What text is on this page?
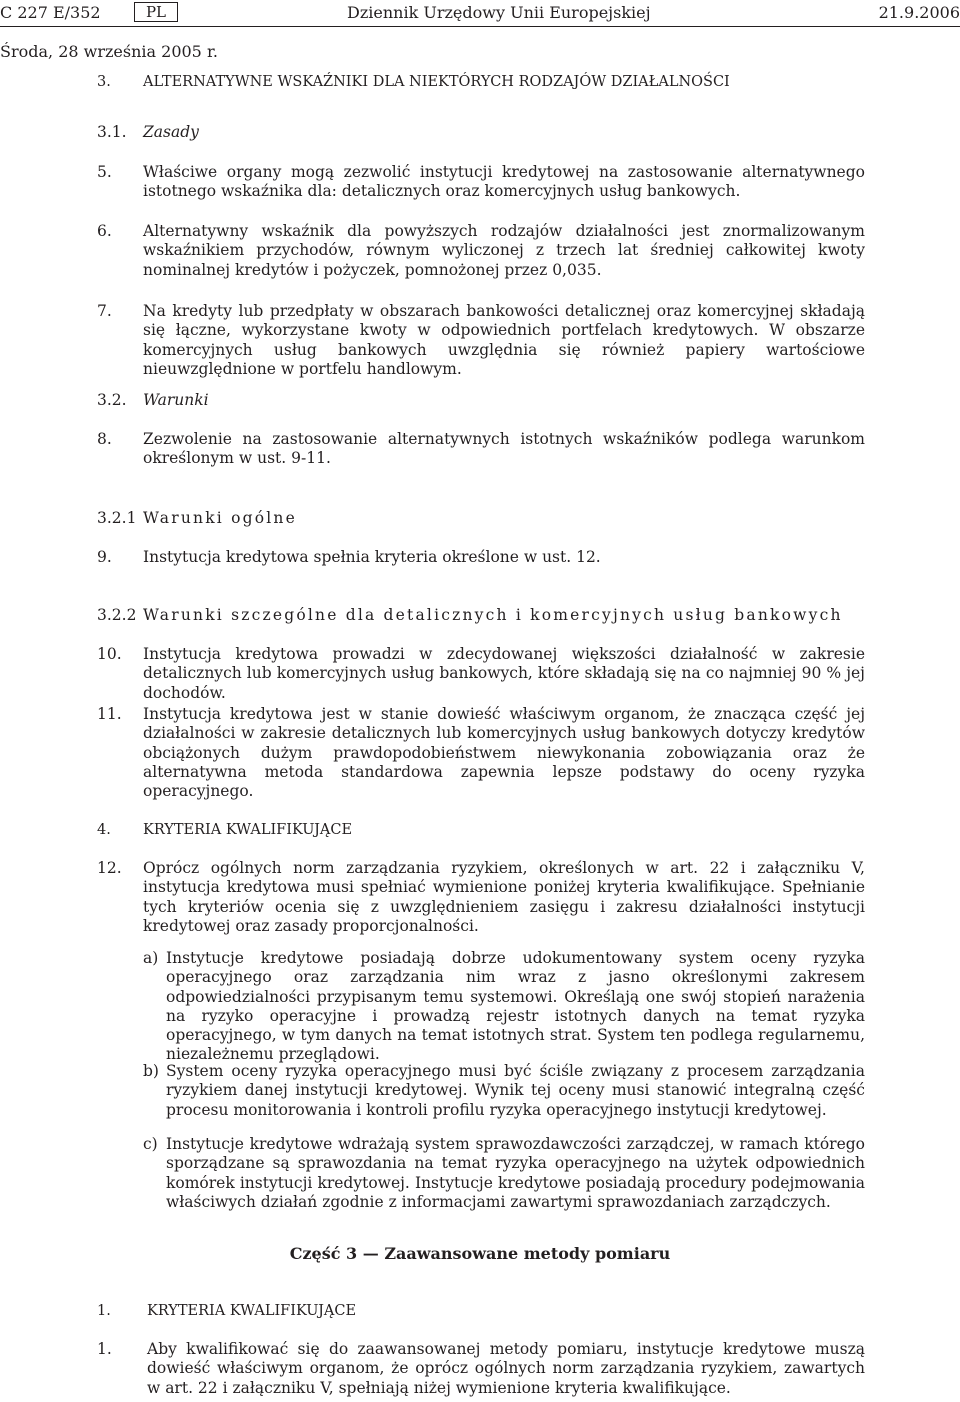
C 227 E/352	PL	Dziennik Urzędowy Unii Europejskiej	21.9.2006
Środa, 28 września 2005 r.
3. ALTERNATYWNE WSKAŹNIKI DLA NIEKTÓRYCH RODZAJÓW DZIAŁALNOŚCI
3.1. Zasady
5. Właściwe organy mogą zezwolić instytucji kredytowej na zastosowanie alternatywnego istotnego wskaźnika dla: detalicznych oraz komercyjnych usług bankowych.
6. Alternatywny wskaźnik dla powyższych rodzajów działalności jest znormalizowanym wskaźnikiem przychodów, równym wyliczonej z trzech lat średniej całkowitej kwoty nominalnej kredytów i pożyczek, pomnożonej przez 0,035.
7. Na kredyty lub przedpłaty w obszarach bankowości detalicznej oraz komercyjnej składają się łączne, wykorzystane kwoty w odpowiednich portfelach kredytowych. W obszarze komercyjnych usług bankowych uwzględnia się również papiery wartościowe nieuwzględnione w portfelu handlowym.
3.2. Warunki
8. Zezwolenie na zastosowanie alternatywnych istotnych wskaźników podlega warunkom określonym w ust. 9-11.
3.2.1 Warunki ogólne
9. Instytucja kredytowa spełnia kryteria określone w ust. 12.
3.2.2 Warunki szczególne dla detalicznych i komercyjnych usług bankowych
10. Instytucja kredytowa prowadzi w zdecydowanej większości działalność w zakresie detalicznych lub komercyjnych usług bankowych, które składają się na co najmniej 90 % jej dochodów.
11. Instytucja kredytowa jest w stanie dowieść właściwym organom, że znacząca część jej działalności w zakresie detalicznych lub komercyjnych usług bankowych dotyczy kredytów obciążonych dużym prawdopodobieństwem niewykonania zobowiązania oraz że alternatywna metoda standardowa zapewnia lepsze podstawy do oceny ryzyka operacyjnego.
4. KRYTERIA KWALIFIKUJĄCE
12. Oprócz ogólnych norm zarządzania ryzykiem, określonych w art. 22 i załączniku V, instytucja kredytowa musi spełniać wymienione poniżej kryteria kwalifikujące. Spełnianie tych kryteriów ocenia się z uwzględnieniem zasięgu i zakresu działalności instytucji kredytowej oraz zasady proporcjonalności.
a) Instytucje kredytowe posiadają dobrze udokumentowany system oceny ryzyka operacyjnego oraz zarządzania nim wraz z jasno określonymi zakresem odpowiedzialności przypisanym temu systemowi. Określają one swój stopień narażenia na ryzyko operacyjne i prowadzą rejestr istotnych danych na temat ryzyka operacyjnego, w tym danych na temat istotnych strat. System ten podlega regularnemu, niezależnemu przeglądowi.
b) System oceny ryzyka operacyjnego musi być ściśle związany z procesem zarządzania ryzykiem danej instytucji kredytowej. Wynik tej oceny musi stanowić integralną część procesu monitorowania i kontroli profilu ryzyka operacyjnego instytucji kredytowej.
c) Instytucje kredytowe wdrażają system sprawozdawczości zarządczej, w ramach którego sporządzane są sprawozdania na temat ryzyka operacyjnego na użytek odpowiednich komórek instytucji kredytowej. Instytucje kredytowe posiadają procedury podejmowania właściwych działań zgodnie z informacjami zawartymi sprawozdaniach zarządczych.
Część 3 — Zaawansowane metody pomiaru
1. KRYTERIA KWALIFIKUJĄCE
1. Aby kwalifikować się do zaawansowanej metody pomiaru, instytucje kredytowe muszą dowieść właściwym organom, że oprócz ogólnych norm zarządzania ryzykiem, zawartych w art. 22 i załączniku V, spełniają niżej wymienione kryteria kwalifikujące.
